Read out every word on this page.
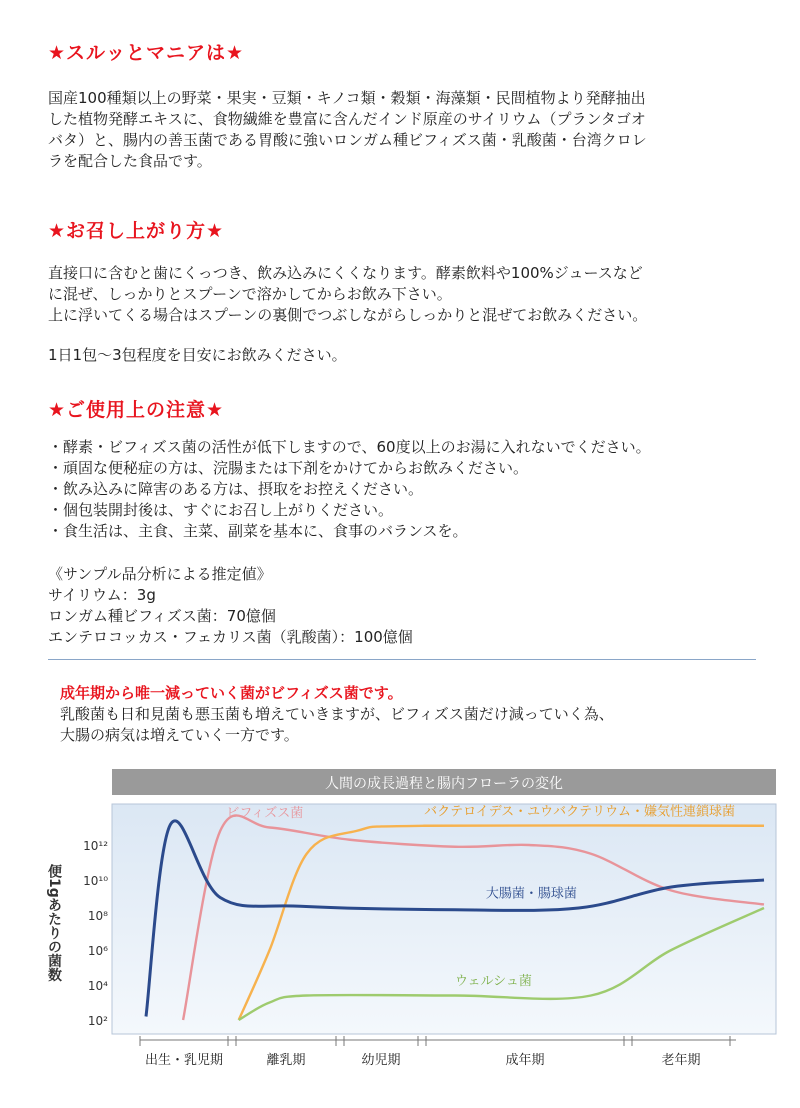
★スルッとマニアは★

国産100種類以上の野菜・果実・豆類・キノコ類・穀類・海藻類・民間植物より発酵抽出

した植物発酵エキスに、食物繊維を豊富に含んだインド原産のサイリウム（プランタゴオ

バタ）と、腸内の善玉菌である胃酸に強いロンガム種ビフィズス菌・乳酸菌・台湾クロレ

ラを配合した食品です。

★お召し上がり方★

直接口に含むと歯にくっつき、飲み込みにくくなります。酵素飲料や100%ジュースなど

に混ぜ、しっかりとスプーンで溶かしてからお飲み下さい。

上に浮いてくる場合はスプーンの裏側でつぶしながらしっかりと混ぜてお飲みください。

1日1包～3包程度を目安にお飲みください。

★ご使用上の注意★

・酵素・ビフィズス菌の活性が低下しますので、60度以上のお湯に入れないでください。

・頑固な便秘症の方は、浣腸または下剤をかけてからお飲みください。

・飲み込みに障害のある方は、摂取をお控えください。

・個包装開封後は、すぐにお召し上がりください。

・食生活は、主食、主菜、副菜を基本に、食事のバランスを。

《サンプル品分析による推定値》

サイリウム：3g

ロンガム種ビフィズス菌：70億個

エンテロコッカス・フェカリス菌（乳酸菌）：100億個

成年期から唯一減っていく菌がビフィズス菌です。

乳酸菌も日和見菌も悪玉菌も増えていきますが、ビフィズス菌だけ減っていく為、

大腸の病気は増えていく一方です。

人間の成長過程と腸内フローラの変化
10²
10⁴
10⁶
10⁸
10¹⁰
10¹²
便1gあたりの菌数
出生・乳児期	離乳期	幼児期	成年期	老年期
ビフィズス菌	バクテロイデス・ユウバクテリウム・嫌気性連鎖球菌
大腸菌・腸球菌
ウェルシュ菌
